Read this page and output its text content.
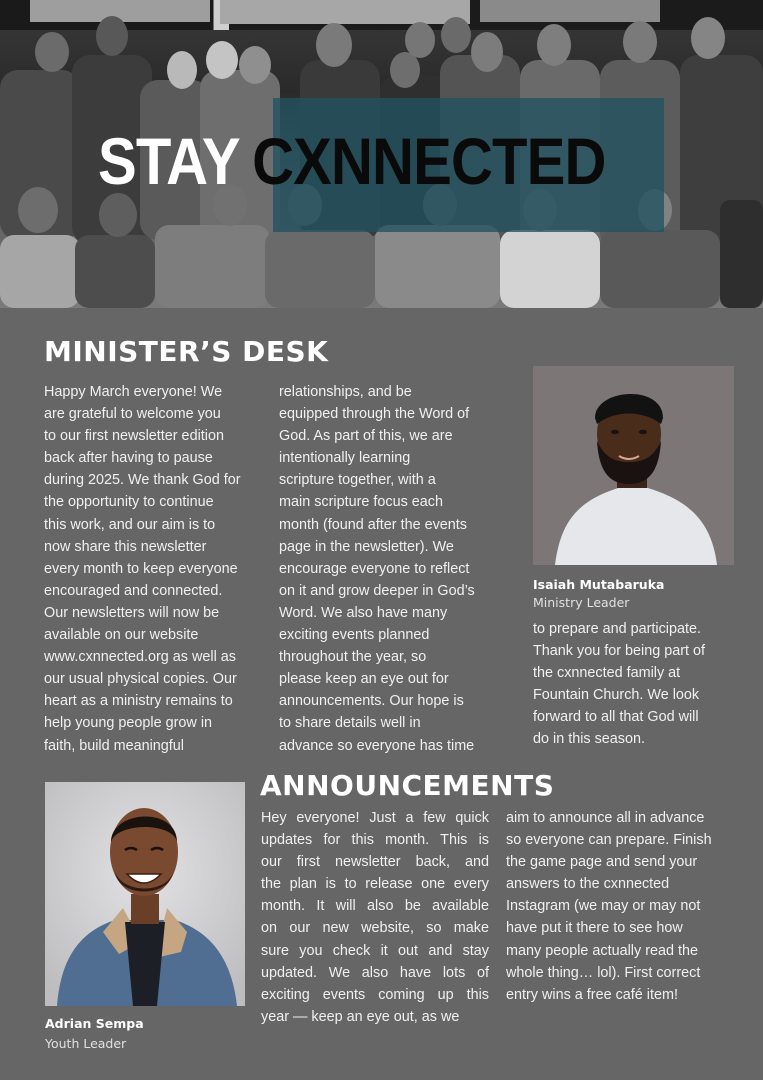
STAY CXNNECTED
MINISTER’S DESK
Happy March everyone! We
are grateful to welcome you
to our first newsletter edition
back after having to pause
during 2025. We thank God for
the opportunity to continue
this work, and our aim is to
now share this newsletter
every month to keep everyone
encouraged and connected.
Our newsletters will now be
available on our website
www.cxnnected.org as well as
our usual physical copies. Our
heart as a ministry remains to
help young people grow in
faith, build meaningful
relationships, and be
equipped through the Word of
God. As part of this, we are
intentionally learning
scripture together, with a
main scripture focus each
month (found after the events
page in the newsletter). We
encourage everyone to reflect
on it and grow deeper in God’s
Word. We also have many
exciting events planned
throughout the year, so
please keep an eye out for
announcements. Our hope is
to share details well in
advance so everyone has time
Isaiah Mutabaruka
Ministry Leader
to prepare and participate.
Thank you for being part of
the cxnnected family at
Fountain Church. We look
forward to all that God will
do in this season.
Adrian Sempa
Youth Leader
ANNOUNCEMENTS
Hey everyone! Just a few quick
updates for this month. This is
our first newsletter back, and
the plan is to release one every
month. It will also be available
on our new website, so make
sure you check it out and stay
updated. We also have lots of
exciting events coming up this
year — keep an eye out, as we
aim to announce all in advance
so everyone can prepare. Finish
the game page and send your
answers to the cxnnected
Instagram (we may or may not
have put it there to see how
many people actually read the
whole thing… lol). First correct
entry wins a free café item!
